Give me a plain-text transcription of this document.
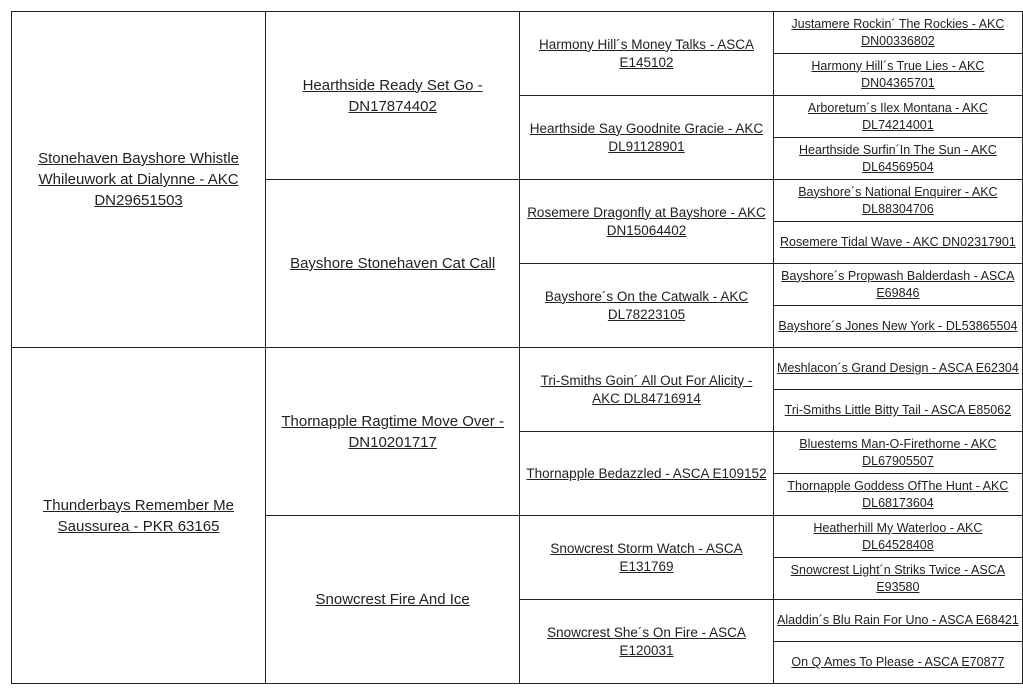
Stonehaven Bayshore Whistle Whileuwork at Dialynne - AKC DN29651503	Hearthside Ready Set Go - DN17874402	Harmony Hill´s Money Talks - ASCA E145102	Justamere Rockin´ The Rockies - AKC DN00336802
			Harmony Hill´s True Lies - AKC DN04365701
		Hearthside Say Goodnite Gracie - AKC DL91128901	Arboretum´s Ilex Montana - AKC DL74214001
			Hearthside Surfin´In The Sun - AKC DL64569504
	Bayshore Stonehaven Cat Call	Rosemere Dragonfly at Bayshore - AKC DN15064402	Bayshore´s National Enquirer - AKC DL88304706
			Rosemere Tidal Wave - AKC DN02317901
		Bayshore´s On the Catwalk - AKC DL78223105	Bayshore´s Propwash Balderdash - ASCA E69846
			Bayshore´s Jones New York - DL53865504
Thunderbays Remember Me Saussurea - PKR 63165	Thornapple Ragtime Move Over - DN10201717	Tri-Smiths Goin´ All Out For Alicity - AKC DL84716914	Meshlacon´s Grand Design - ASCA E62304
			Tri-Smiths Little Bitty Tail - ASCA E85062
		Thornapple Bedazzled - ASCA E109152	Bluestems Man-O-Firethorne - AKC DL67905507
			Thornapple Goddess OfThe Hunt - AKC DL68173604
	Snowcrest Fire And Ice	Snowcrest Storm Watch - ASCA E131769	Heatherhill My Waterloo - AKC DL64528408
			Snowcrest Light´n Striks Twice - ASCA E93580
		Snowcrest She´s On Fire - ASCA E120031	Aladdin´s Blu Rain For Uno - ASCA E68421
			On Q Ames To Please - ASCA E70877
